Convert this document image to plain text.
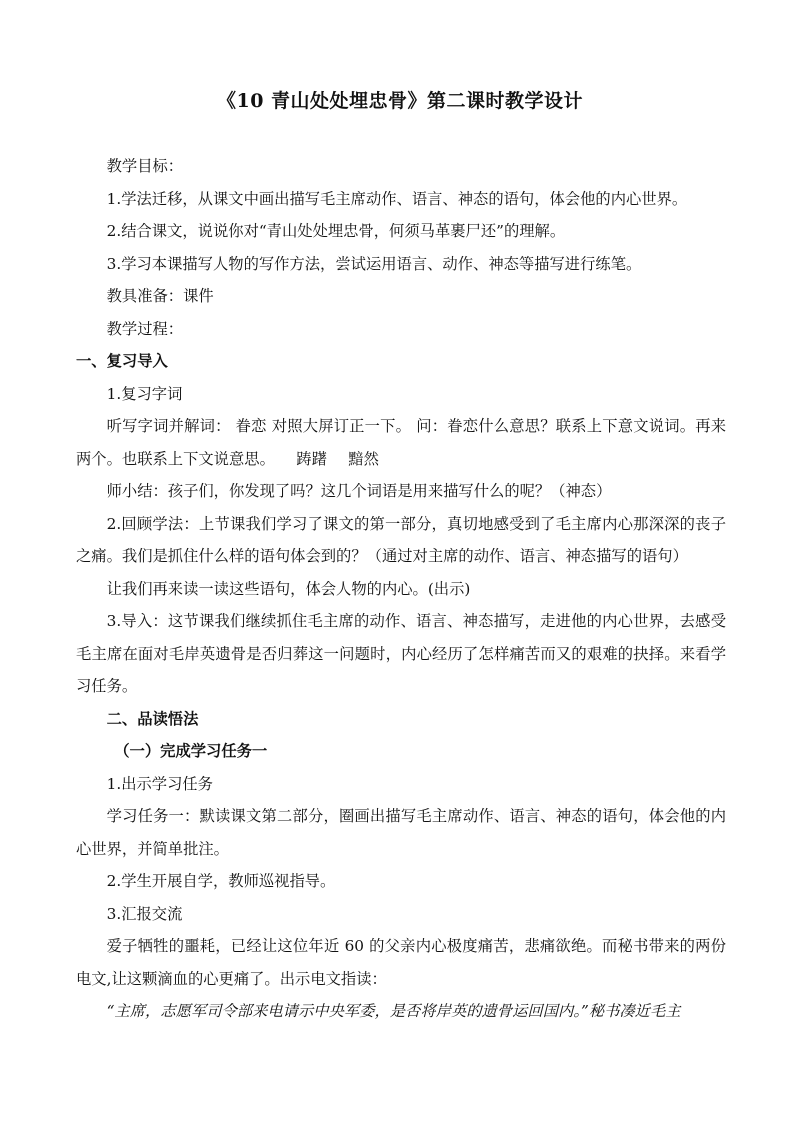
《10 青山处处埋忠骨》第二课时教学设计

教学目标：

1.学法迁移，从课文中画出描写毛主席动作、语言、神态的语句，体会他的内心世界。

2.结合课文，说说你对“青山处处埋忠骨，何须马革裹尸还”的理解。

3.学习本课描写人物的写作方法，尝试运用语言、动作、神态等描写进行练笔。

教具准备：课件

教学过程：

一、复习导入

1.复习字词

听写字词并解词： 眷恋 对照大屏订正一下。 问：眷恋什么意思？联系上下意文说词。再来两个。也联系上下文说意思。 踌躇 黯然

师小结：孩子们，你发现了吗？这几个词语是用来描写什么的呢？（神态）

2.回顾学法：上节课我们学习了课文的第一部分，真切地感受到了毛主席内心那深深的丧子之痛。我们是抓住什么样的语句体会到的？（通过对主席的动作、语言、神态描写的语句）

让我们再来读一读这些语句，体会人物的内心。(出示)

3.导入：这节课我们继续抓住毛主席的动作、语言、神态描写，走进他的内心世界，去感受毛主席在面对毛岸英遗骨是否归葬这一问题时，内心经历了怎样痛苦而又的艰难的抉择。来看学习任务。

二、品读悟法

（一）完成学习任务一

1.出示学习任务

学习任务一：默读课文第二部分，圈画出描写毛主席动作、语言、神态的语句，体会他的内心世界，并简单批注。

2.学生开展自学，教师巡视指导。

3.汇报交流

爱子牺牲的噩耗，已经让这位年近 60 的父亲内心极度痛苦，悲痛欲绝。而秘书带来的两份电文,让这颗滴血的心更痛了。出示电文指读：

“主席，志愿军司令部来电请示中央军委，是否将岸英的遗骨运回国内。”秘书凑近毛主
